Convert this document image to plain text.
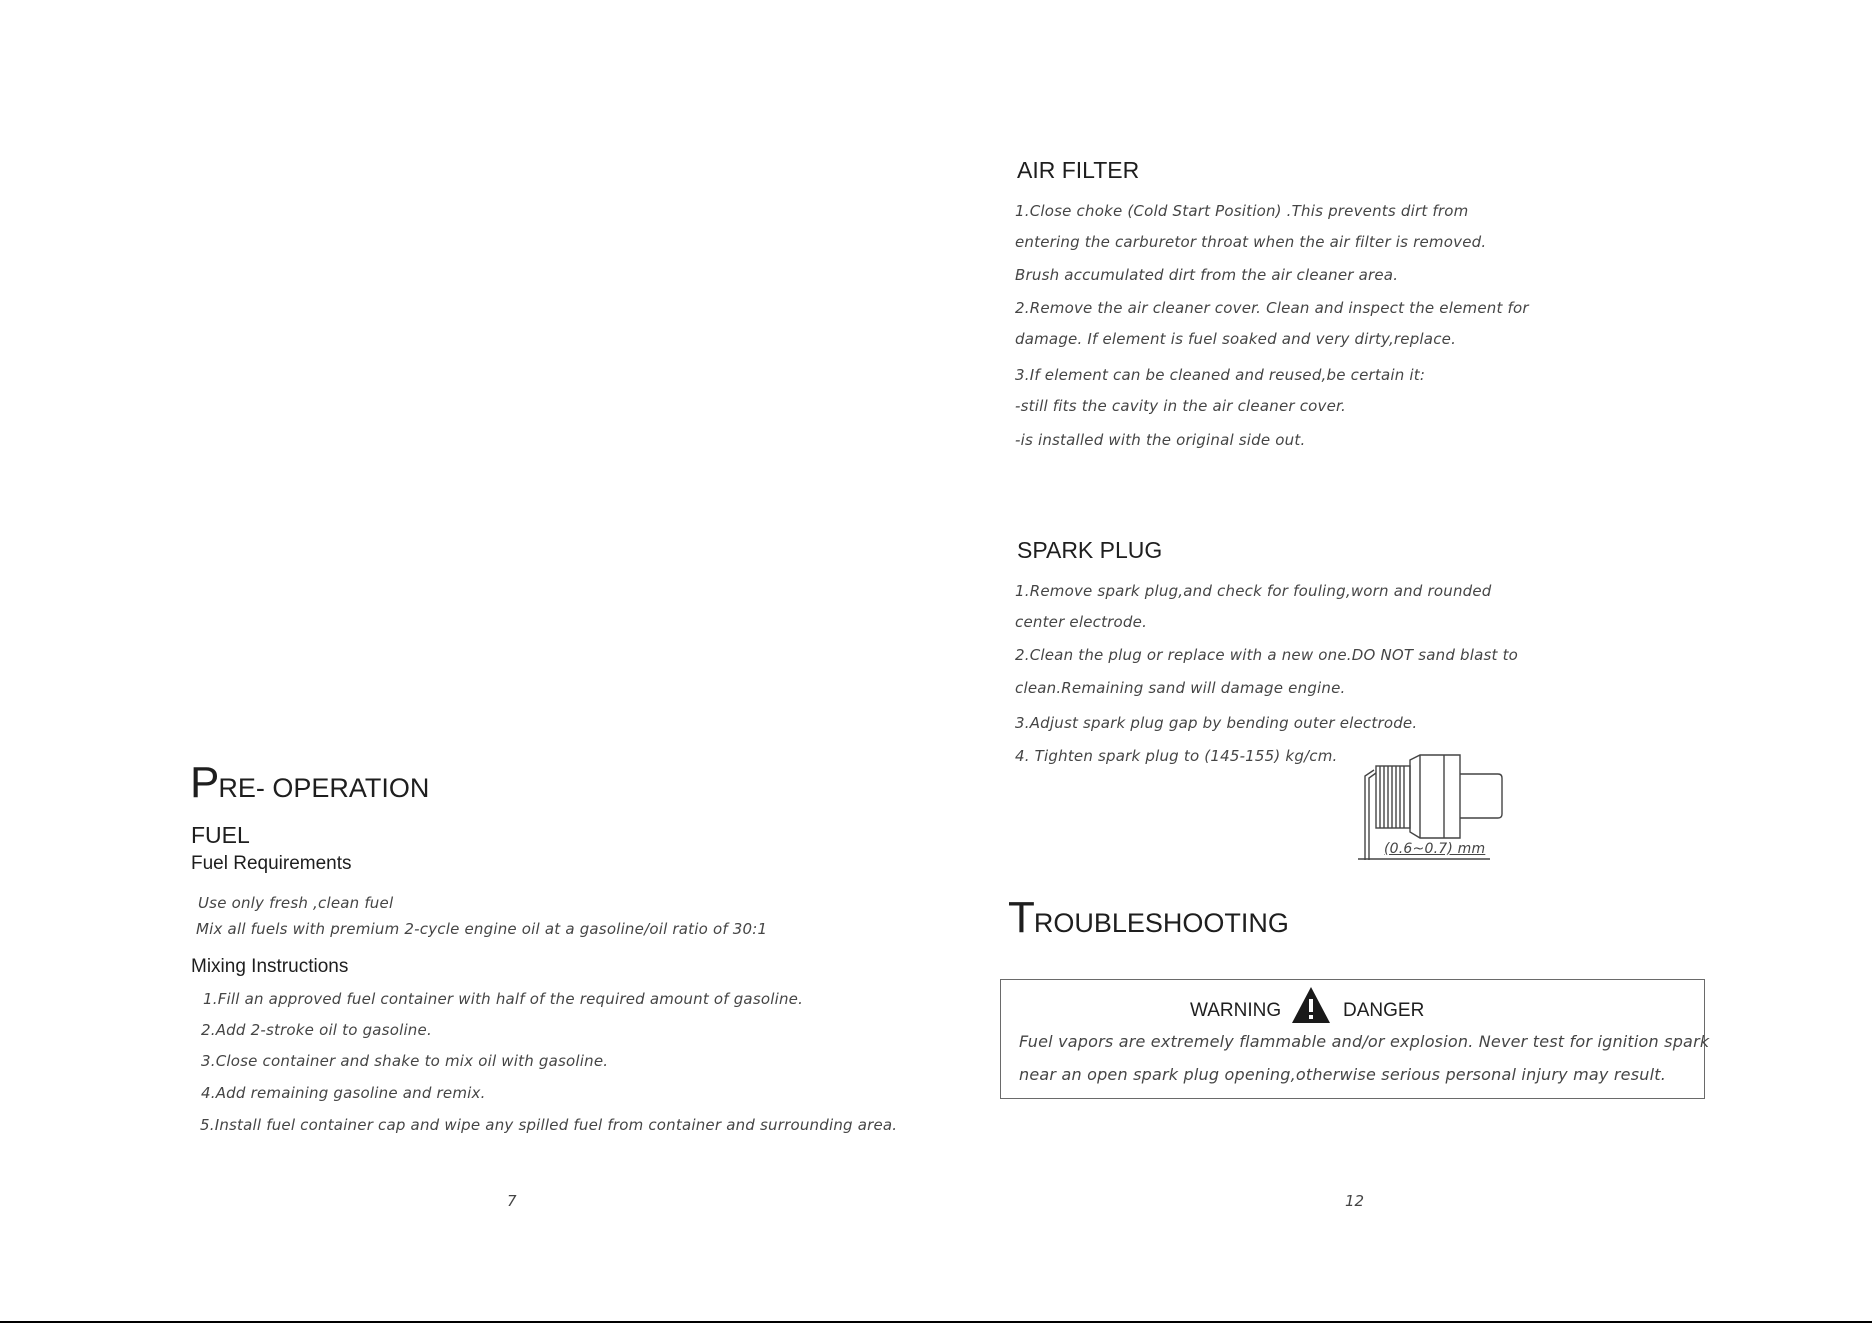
PRE- OPERATION
FUEL
Fuel Requirements
Use only fresh ,clean fuel
Mix all fuels with premium 2-cycle engine oil at a gasoline/oil ratio of 30:1
Mixing Instructions
1.Fill an approved fuel container with half of the required amount of gasoline.
2.Add 2-stroke oil to gasoline.
3.Close container and shake to mix oil with gasoline.
4.Add remaining gasoline and remix.
5.Install fuel container cap and wipe any spilled fuel from container and surrounding area.
7
AIR FILTER
1.Close choke (Cold Start Position) .This prevents dirt from
entering the carburetor throat when the air filter is removed.
Brush accumulated dirt from the air cleaner area.
2.Remove the air cleaner cover. Clean and inspect the element for
damage. If element is fuel soaked and very dirty,replace.
3.If element can be cleaned and reused,be certain it:
-still fits the cavity in the air cleaner cover.
-is installed with the original side out.
SPARK PLUG
1.Remove spark plug,and check for fouling,worn and rounded
center electrode.
2.Clean the plug or replace with a new one.DO NOT sand blast to
clean.Remaining sand will damage engine.
3.Adjust spark plug gap by bending outer electrode.
4. Tighten spark plug to (145-155) kg/cm.
(0.6~0.7) mm
TROUBLESHOOTING
WARNING	DANGER
Fuel vapors are extremely flammable and/or explosion. Never test for ignition spark
near an open spark plug opening,otherwise serious personal injury may result.
12
